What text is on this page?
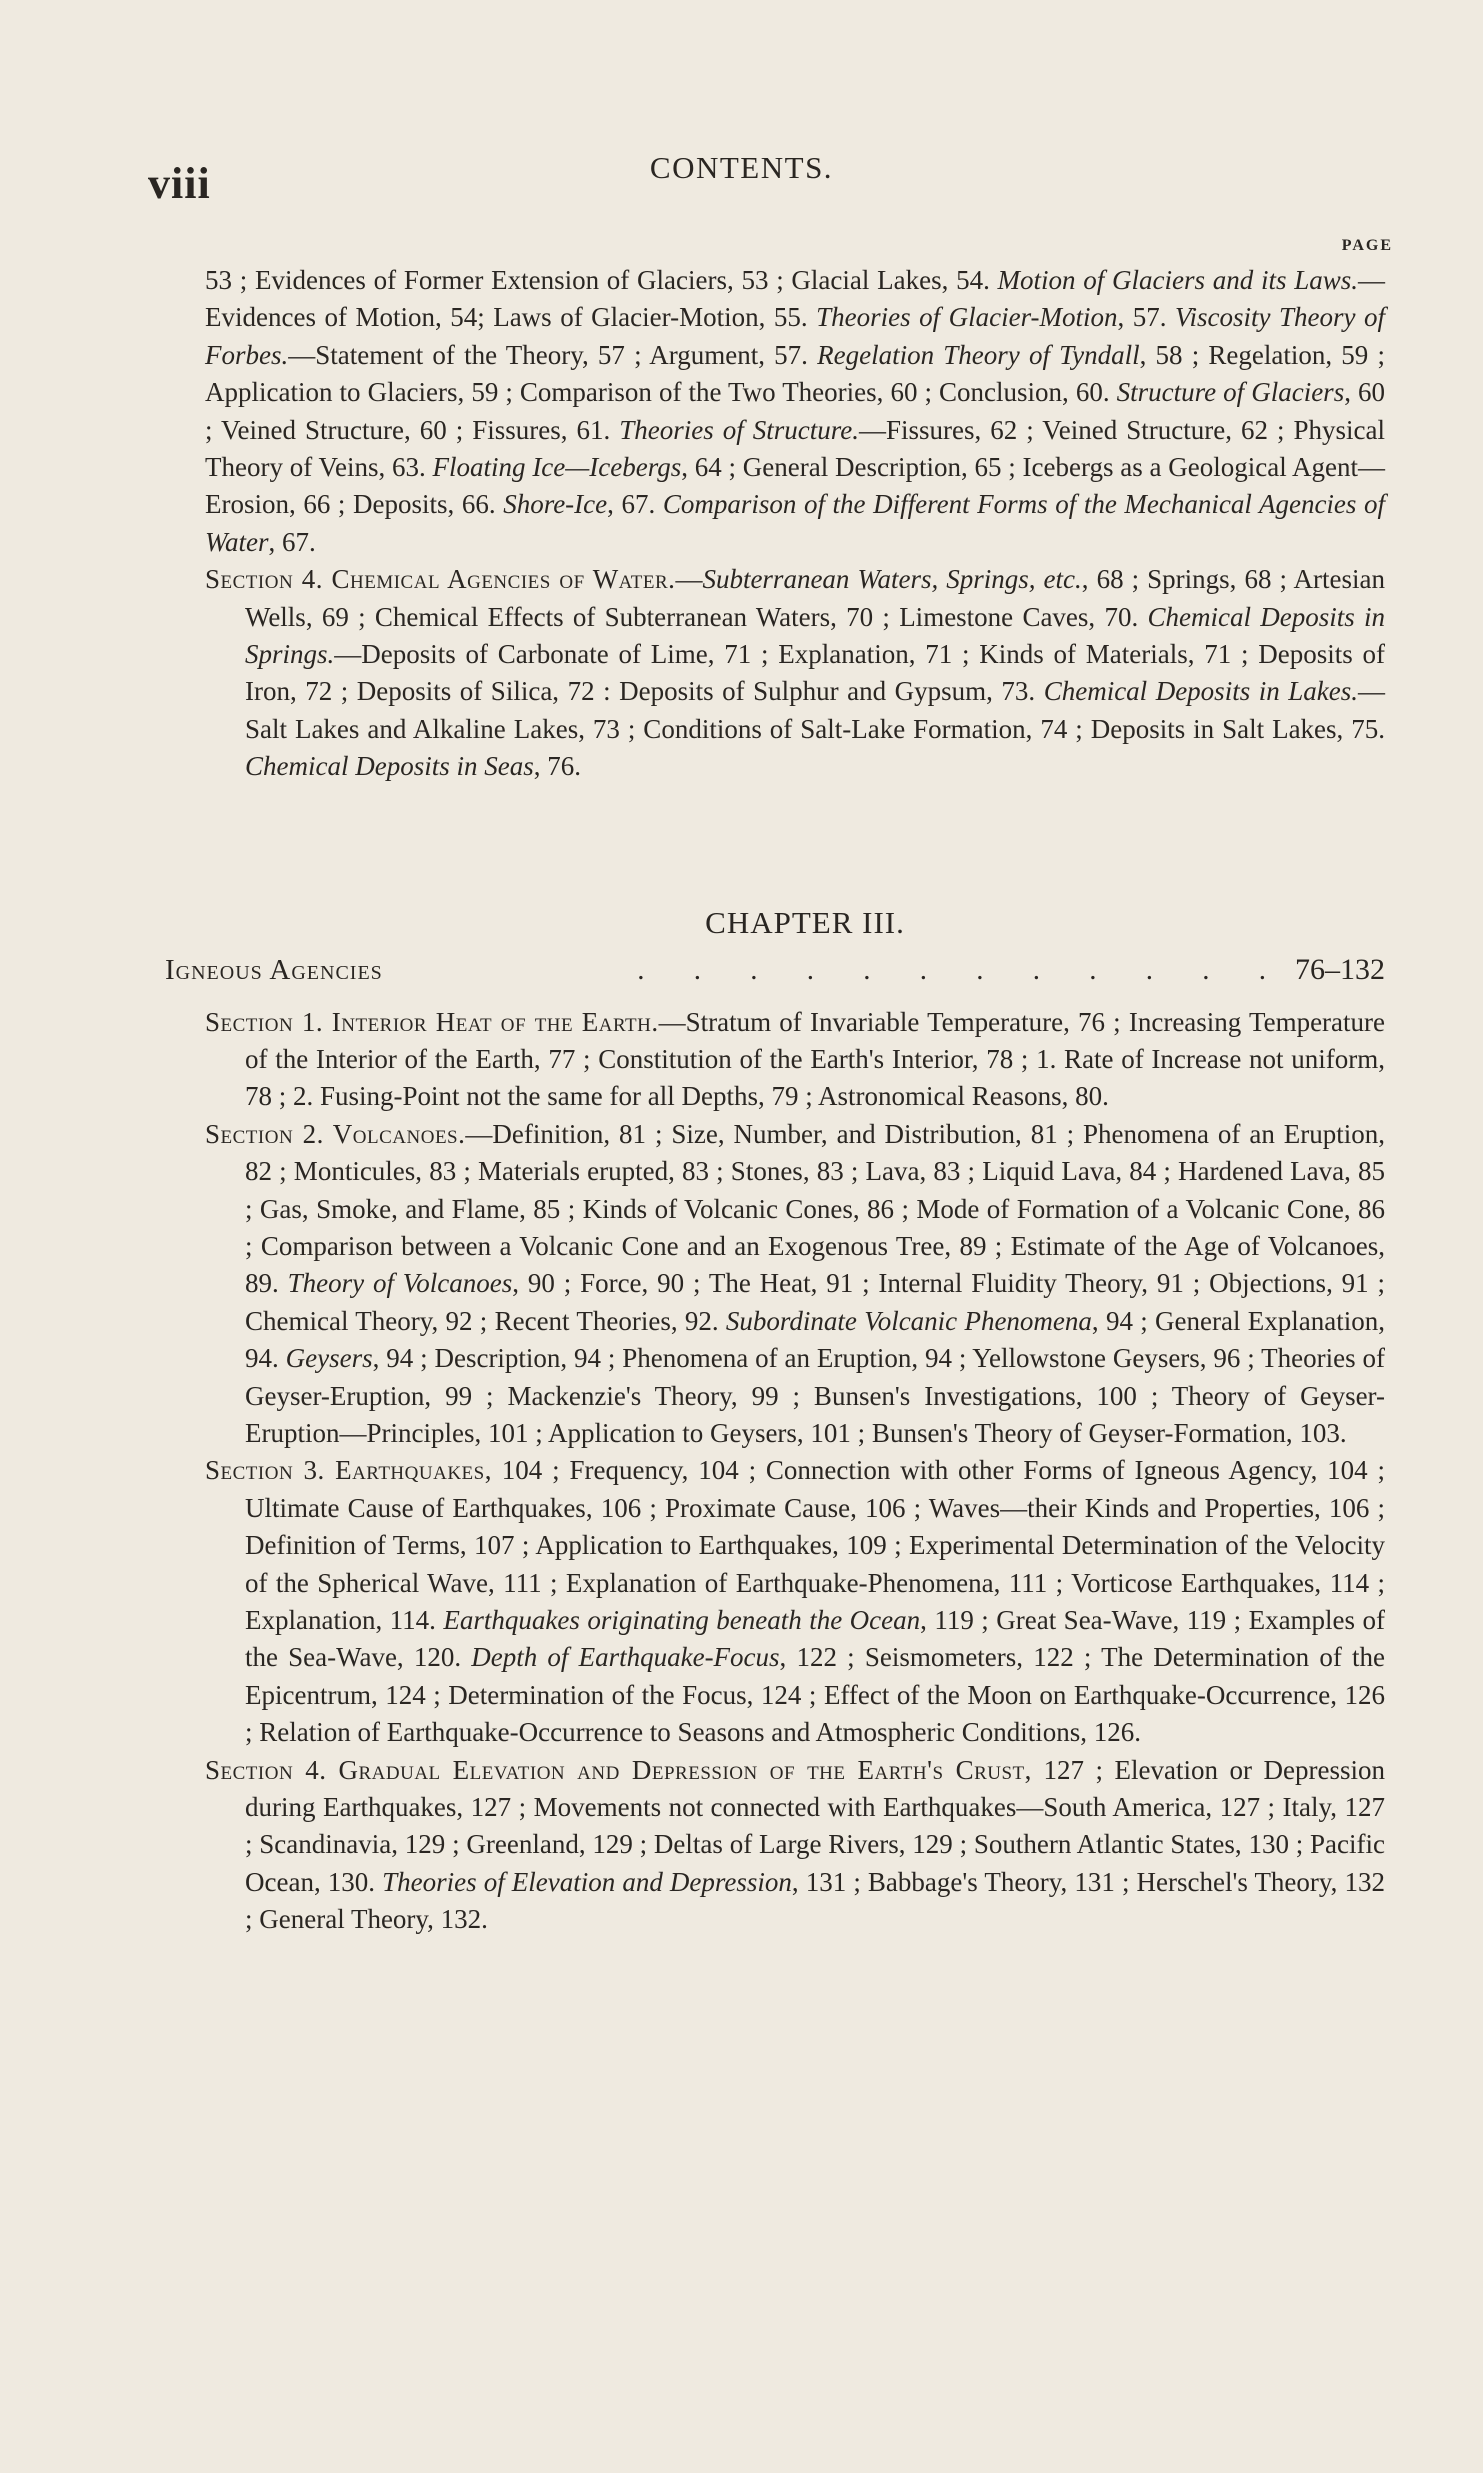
viii	CONTENTS.
PAGE

53 ; Evidences of Former Extension of Glaciers, 53 ; Glacial Lakes, 54. Motion of Glaciers and its Laws.—Evidences of Motion, 54; Laws of Glacier-Motion, 55. Theories of Glacier-Motion, 57. Viscosity Theory of Forbes.—Statement of the Theory, 57 ; Argument, 57. Regelation Theory of Tyndall, 58 ; Regelation, 59 ; Application to Glaciers, 59 ; Comparison of the Two Theories, 60 ; Conclusion, 60. Structure of Glaciers, 60 ; Veined Structure, 60 ; Fissures, 61. Theories of Structure.—Fissures, 62 ; Veined Structure, 62 ; Physical Theory of Veins, 63. Floating Ice—Icebergs, 64 ; General Description, 65 ; Icebergs as a Geological Agent—Erosion, 66 ; Deposits, 66. Shore-Ice, 67. Comparison of the Different Forms of the Mechanical Agencies of Water, 67.

Section 4. Chemical Agencies of Water.—Subterranean Waters, Springs, etc., 68 ; Springs, 68 ; Artesian Wells, 69 ; Chemical Effects of Subterranean Waters, 70 ; Limestone Caves, 70. Chemical Deposits in Springs.—Deposits of Carbonate of Lime, 71 ; Explanation, 71 ; Kinds of Materials, 71 ; Deposits of Iron, 72 ; Deposits of Silica, 72 : Deposits of Sulphur and Gypsum, 73. Chemical Deposits in Lakes.—Salt Lakes and Alkaline Lakes, 73 ; Conditions of Salt-Lake Formation, 74 ; Deposits in Salt Lakes, 75. Chemical Deposits in Seas, 76.

CHAPTER III.
Igneous Agencies	. . . . . . . . . . . . 76–132

Section 1. Interior Heat of the Earth.—Stratum of Invariable Temperature, 76 ; Increasing Temperature of the Interior of the Earth, 77 ; Constitution of the Earth's Interior, 78 ; 1. Rate of Increase not uniform, 78 ; 2. Fusing-Point not the same for all Depths, 79 ; Astronomical Reasons, 80.

Section 2. Volcanoes.—Definition, 81 ; Size, Number, and Distribution, 81 ; Phenomena of an Eruption, 82 ; Monticules, 83 ; Materials erupted, 83 ; Stones, 83 ; Lava, 83 ; Liquid Lava, 84 ; Hardened Lava, 85 ; Gas, Smoke, and Flame, 85 ; Kinds of Volcanic Cones, 86 ; Mode of Formation of a Volcanic Cone, 86 ; Comparison between a Volcanic Cone and an Exogenous Tree, 89 ; Estimate of the Age of Volcanoes, 89. Theory of Volcanoes, 90 ; Force, 90 ; The Heat, 91 ; Internal Fluidity Theory, 91 ; Objections, 91 ; Chemical Theory, 92 ; Recent Theories, 92. Subordinate Volcanic Phenomena, 94 ; General Explanation, 94. Geysers, 94 ; Description, 94 ; Phenomena of an Eruption, 94 ; Yellowstone Geysers, 96 ; Theories of Geyser-Eruption, 99 ; Mackenzie's Theory, 99 ; Bunsen's Investigations, 100 ; Theory of Geyser-Eruption—Principles, 101 ; Application to Geysers, 101 ; Bunsen's Theory of Geyser-Formation, 103.

Section 3. Earthquakes, 104 ; Frequency, 104 ; Connection with other Forms of Igneous Agency, 104 ; Ultimate Cause of Earthquakes, 106 ; Proximate Cause, 106 ; Waves—their Kinds and Properties, 106 ; Definition of Terms, 107 ; Application to Earthquakes, 109 ; Experimental Determination of the Velocity of the Spherical Wave, 111 ; Explanation of Earthquake-Phenomena, 111 ; Vorticose Earthquakes, 114 ; Explanation, 114. Earthquakes originating beneath the Ocean, 119 ; Great Sea-Wave, 119 ; Examples of the Sea-Wave, 120. Depth of Earthquake-Focus, 122 ; Seismometers, 122 ; The Determination of the Epicentrum, 124 ; Determination of the Focus, 124 ; Effect of the Moon on Earthquake-Occurrence, 126 ; Relation of Earthquake-Occurrence to Seasons and Atmospheric Conditions, 126.

Section 4. Gradual Elevation and Depression of the Earth's Crust, 127 ; Elevation or Depression during Earthquakes, 127 ; Movements not connected with Earthquakes—South America, 127 ; Italy, 127 ; Scandinavia, 129 ; Greenland, 129 ; Deltas of Large Rivers, 129 ; Southern Atlantic States, 130 ; Pacific Ocean, 130. Theories of Elevation and Depression, 131 ; Babbage's Theory, 131 ; Herschel's Theory, 132 ; General Theory, 132.
